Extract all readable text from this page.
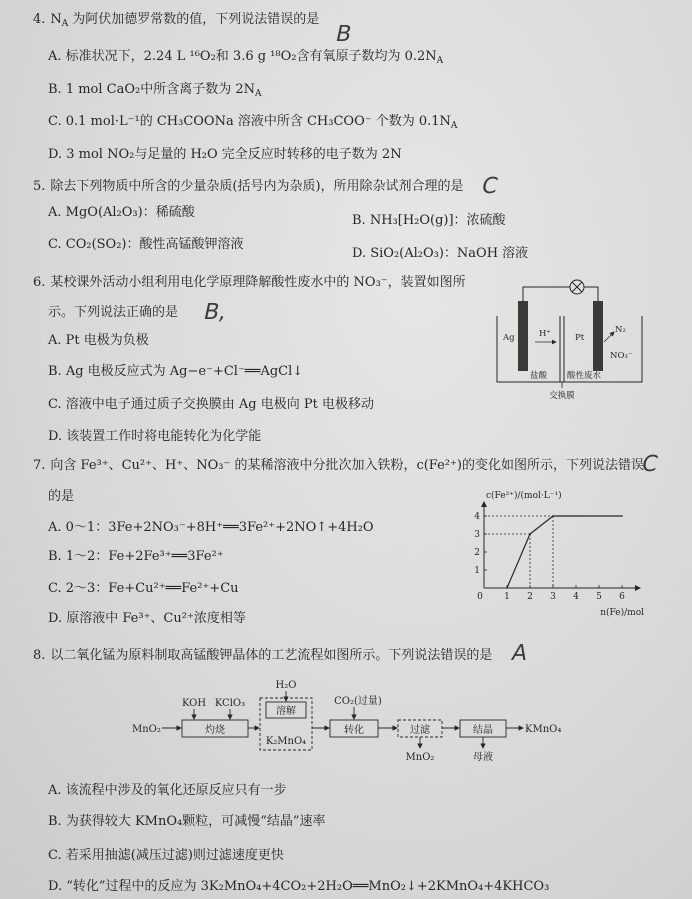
4. $N_A$ 为阿伏加德罗常数的值，下列说法错误的是
B
A. 标准状况下，2.24 L ¹⁶O₂和 3.6 g ¹⁸O₂含有氧原子数均为 $0.2N_A$
B. 1 mol CaO₂中所含离子数为 $2N_A$
C. 0.1 mol·L⁻¹的 CH₃COONa 溶液中所含 CH₃COO⁻ 个数为 $0.1N_A$
D. 3 mol NO₂与足量的 H₂O 完全反应时转移的电子数为 2N
5. 除去下列物质中所含的少量杂质(括号内为杂质)，所用除杂试剂合理的是 C
A. MgO(Al₂O₃)：稀硫酸
B. NH₃[H₂O(g)]：浓硫酸
C. CO₂(SO₂)：酸性高锰酸钾溶液
D. SiO₂(Al₂O₃)：NaOH 溶液
6. 某校课外活动小组利用电化学原理降解酸性废水中的 NO₃⁻，装置如图所
示。下列说法正确的是 B,
A. Pt 电极为负极
B. Ag 电极反应式为 Ag−e⁻+Cl⁻══AgCl↓
C. 溶液中电子通过质子交换膜由 Ag 电极向 Pt 电极移动
D. 该装置工作时将电能转化为化学能
Ag	H⁺	Pt
N₂
NO₃⁻
盐酸 酸性废水
交换膜
7. 向含 Fe³⁺、Cu²⁺、H⁺、NO₃⁻ 的某稀溶液中分批次加入铁粉，c(Fe²⁺)的变化如图所示，下列说法错误
C
的是
A. 0～1：3Fe+2NO₃⁻+8H⁺══3Fe²⁺+2NO↑+4H₂O
B. 1～2：Fe+2Fe³⁺══3Fe²⁺
C. 2～3：Fe+Cu²⁺══Fe²⁺+Cu
D. 原溶液中 Fe³⁺、Cu²⁺浓度相等
c(Fe²⁺)/(mol·L⁻¹)
n(Fe)/mol
0 1 2 3 4 5 6
1
2
3
4
8. 以二氧化锰为原料制取高锰酸钾晶体的工艺流程如图所示。下列说法错误的是 A
MnO₂
KOH KClO₃
灼烧
H₂O
溶解
K₂MnO₄
CO₂(过量)
转化	过滤
MnO₂
结晶
母液
KMnO₄
A. 该流程中涉及的氧化还原反应只有一步
B. 为获得较大 KMnO₄颗粒，可减慢“结晶”速率
C. 若采用抽滤(减压过滤)则过滤速度更快
D. “转化”过程中的反应为 3K₂MnO₄+4CO₂+2H₂O══MnO₂↓+2KMnO₄+4KHCO₃
